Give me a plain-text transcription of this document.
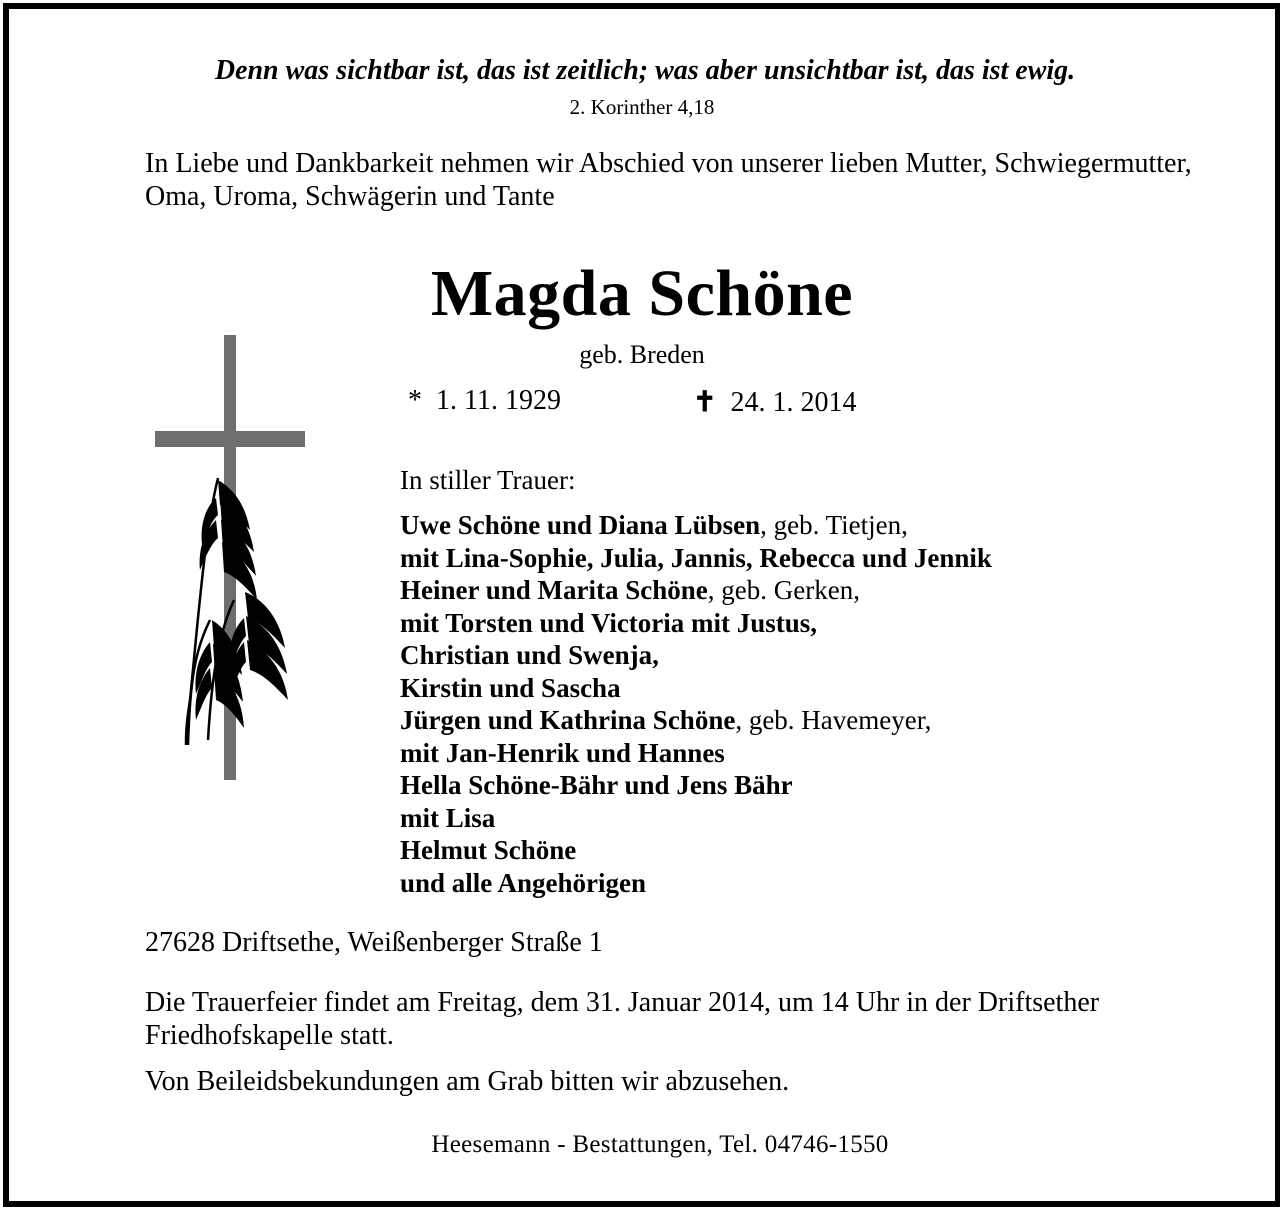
Denn was sichtbar ist, das ist zeitlich; was aber unsichtbar ist, das ist ewig.
2. Korinther 4,18
In Liebe und Dankbarkeit nehmen wir Abschied von unserer lieben Mutter, Schwiegermutter, Oma, Uroma, Schwägerin und Tante
Magda Schöne
geb. Breden
* 1. 11. 1929	✝ 24. 1. 2014
In stiller Trauer:
Uwe Schöne und Diana Lübsen, geb. Tietjen,
mit Lina-Sophie, Julia, Jannis, Rebecca und Jennik
Heiner und Marita Schöne, geb. Gerken,
mit Torsten und Victoria mit Justus,
Christian und Swenja,
Kirstin und Sascha
Jürgen und Kathrina Schöne, geb. Havemeyer,
mit Jan-Henrik und Hannes
Hella Schöne-Bähr und Jens Bähr
mit Lisa
Helmut Schöne
und alle Angehörigen
27628 Driftsethe, Weißenberger Straße 1
Die Trauerfeier findet am Freitag, dem 31. Januar 2014, um 14 Uhr in der Driftsether Friedhofskapelle statt.
Von Beileidsbekundungen am Grab bitten wir abzusehen.
Heesemann - Bestattungen, Tel. 04746-1550
